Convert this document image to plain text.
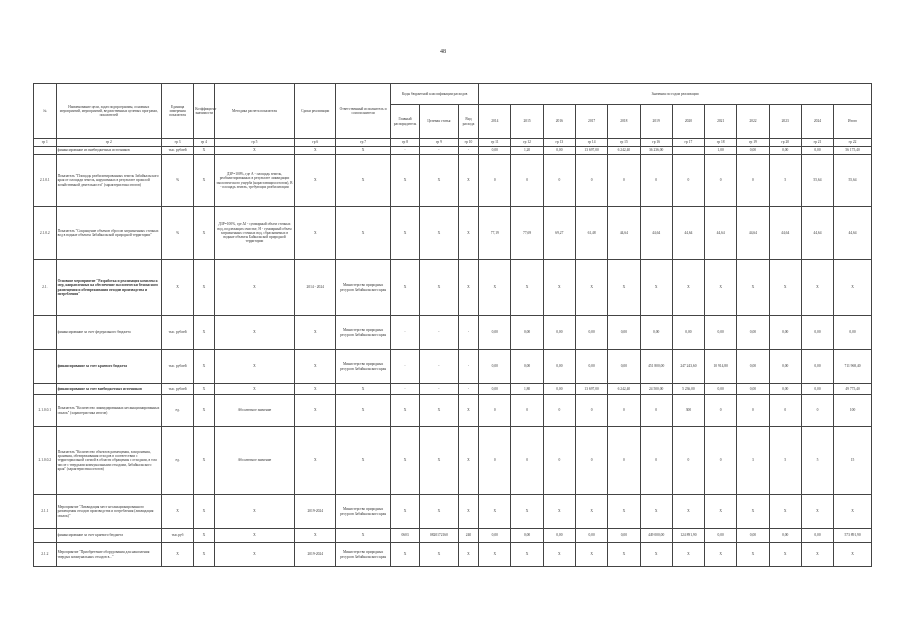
48
№	Наименование цели, задач подпрограммы, основных мероприятий, мероприятий, ведомственных целевых программ, показателей	Единица измерения показателя	Коэффициент значимости	Методика расчета показателя	Сроки реализации	Ответственный исполнитель и соисполнители	Коды бюджетной классификации расходов			Значения по годам реализации											
							Главный распорядитель	Целевая статья	Вид расхода	2014	2015	2016	2017	2018	2019	2020	2021	2022	2023	2024	Итого
гр 1	гр 2	гр 3	гр 4	гр 5	гр 6	гр 7	гр 8	гр 9	гр 10	гр 11	гр 12	гр 13	гр 14	гр 15	гр 16	гр 17	гр 18	гр 19	гр 20	гр 21	гр 22
	финансирование из внебюджетных источников	тыс. рублей	X	X	X	X	-	-	-	0,00	1,20	0,00	13 697,00	6 242,40	36 236,00		1,00	0,00	0,00	0,00	56 175,40
2.1.0.1	Показатель "Площадь реабилитированных земель Забайкальского края от площади земель, нарушенных в результате прошлой хозяйственной деятельности" (характеристика итогов)	%	X	ДЗР=100%, где А - площадь земель, реабилитированных в результате ликвидации экологического ущерба (нарастающим итогом), В - площадь земель, требующих реабилитации	X	X	X	X	X	0	0	0	0	0	0	0	0	0	5	55,64	55,64
2.1.0.2	Показатель "Сокращение объемов сбросов загрязненных сточных вод в водные объекты Забайкальской природной территории"	%	X	ДЗР=100%, где ΔJ - суммарный объем сточных вод, подлежащих очистке, Н - суммарный объем загрязненных сточных вод, сбрасываемых в водные объекты Байкальской природной территории	X	X	X	X	X	77,19	77,69	69,27	61,48	44,64	44,64	44,64	44,64	44,64	44,64	44,64	44,64
2.1.	Основное мероприятие "Разработка и реализация комплекса мер, направленных на обеспечение экологически безопасного размещения и обезвреживания отходов производства и потребления"	X	X	X	2014 - 2024	Министерство природных ресурсов Забайкальского края	X	X	X	X	X	X	X	X	X	X	X	X	X	X	X
	финансирование за счет федерального бюджета	тыс. рублей	X	X	X	Министерство природных ресурсов Забайкальского края	-	-	-	0,00	0,00	0,00	0,00	0,00	0,00	0,00	0,00	0,00	0,00	0,00	0,00
	финансирование за счет краевого бюджета	тыс. рублей	X	X	X	Министерство природных ресурсов Забайкальского края	-	-	-	0,00	0,00	0,00	0,00	0,00	451 800,00	247 243,60	10 914,80	0,00	0,00	0,00	711 968,40
	финансирование за счет внебюджетных источников	тыс. рублей	X	X	X	X	-	-	-	0,00	1,80	0,00	13 697,00	6 242,40	24 500,00	5 236,00	0,00	0,00	0,00	0,00	49 775,40
2.1.0.0.1	Показатель "Количество ликвидированных несанкционированных свалок" (характеристика итогов)	ед.	X	Абсолютное значение	X	X	X	X	X	0	0	0	0	0	0	300	0	0	0	0	100
2.1.0.0.2	Показатель "Количество объектов размещения, захоронения, хранения, обезвреживания отходов в соответствии с территориальной схемой в области обращения с отходами, в том числе с твердыми коммунальными отходами, Забайкальского края" (характеристика итогов)	ед.	X	Абсолютное значение	X	X	X	X	X	0	0	0	0	0	0	0	0	3	5	5	15
2.1.1	Мероприятие "Ликвидация мест несанкционированного размещения отходов производства и потребления (ликвидация свалок)"	X	X	X	2019-2024	Министерство природных ресурсов Забайкальского края	X	X	X	X	X	X	X	X	X	X	X	X	X	X	X
	финансирование за счет краевого бюджета	тыс.руб	X	X	X	X	0603	0820172160	240	0,00	0,00	0,00	0,00	0,00	449 000,00	124 891,90	0,00	0,00	0,00	0,00	573 891,90
2.1.2	Мероприятие "Приобретение оборудования для накопления твердых коммунальных отходов в..."	X	X	X	2019-2024	Министерство природных ресурсов Забайкальского края	X	X	X	X	X	X	X	X	X	X	X	X	X	X	X
